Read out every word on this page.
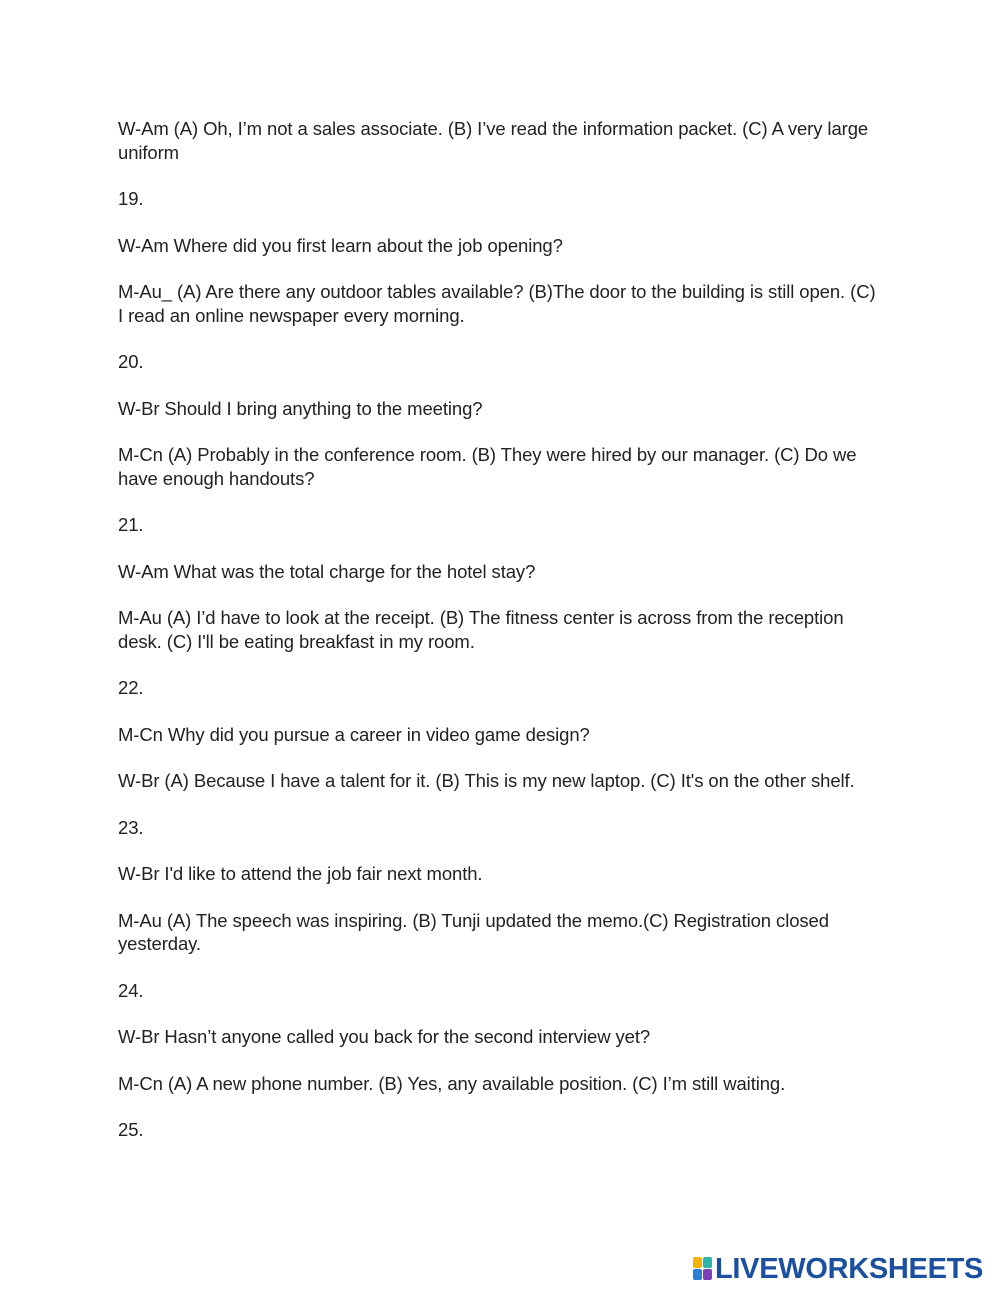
W-Am (A) Oh, I’m not a sales associate. (B) I’ve read the information packet. (C) A very large uniform

19.

W-Am Where did you first learn about the job opening?

M-Au_ (A) Are there any outdoor tables available? (B)The door to the building is still open. (C) I read an online newspaper every morning.

20.

W-Br Should I bring anything to the meeting?

M-Cn (A) Probably in the conference room. (B) They were hired by our manager. (C) Do we have enough handouts?

21.

W-Am What was the total charge for the hotel stay?

M-Au (A) I’d have to look at the receipt. (B) The fitness center is across from the reception desk. (C) I'll be eating breakfast in my room.

22.

M-Cn Why did you pursue a career in video game design?

W-Br (A) Because I have a talent for it. (B) This is my new laptop. (C) It's on the other shelf.

23.

W-Br I'd like to attend the job fair next month.

M-Au (A) The speech was inspiring. (B) Tunji updated the memo.(C) Registration closed yesterday.

24.

W-Br Hasn’t anyone called you back for the second interview yet?

M-Cn (A) A new phone number. (B) Yes, any available position. (C) I’m still waiting.

25.

LIVEWORKSHEETS
